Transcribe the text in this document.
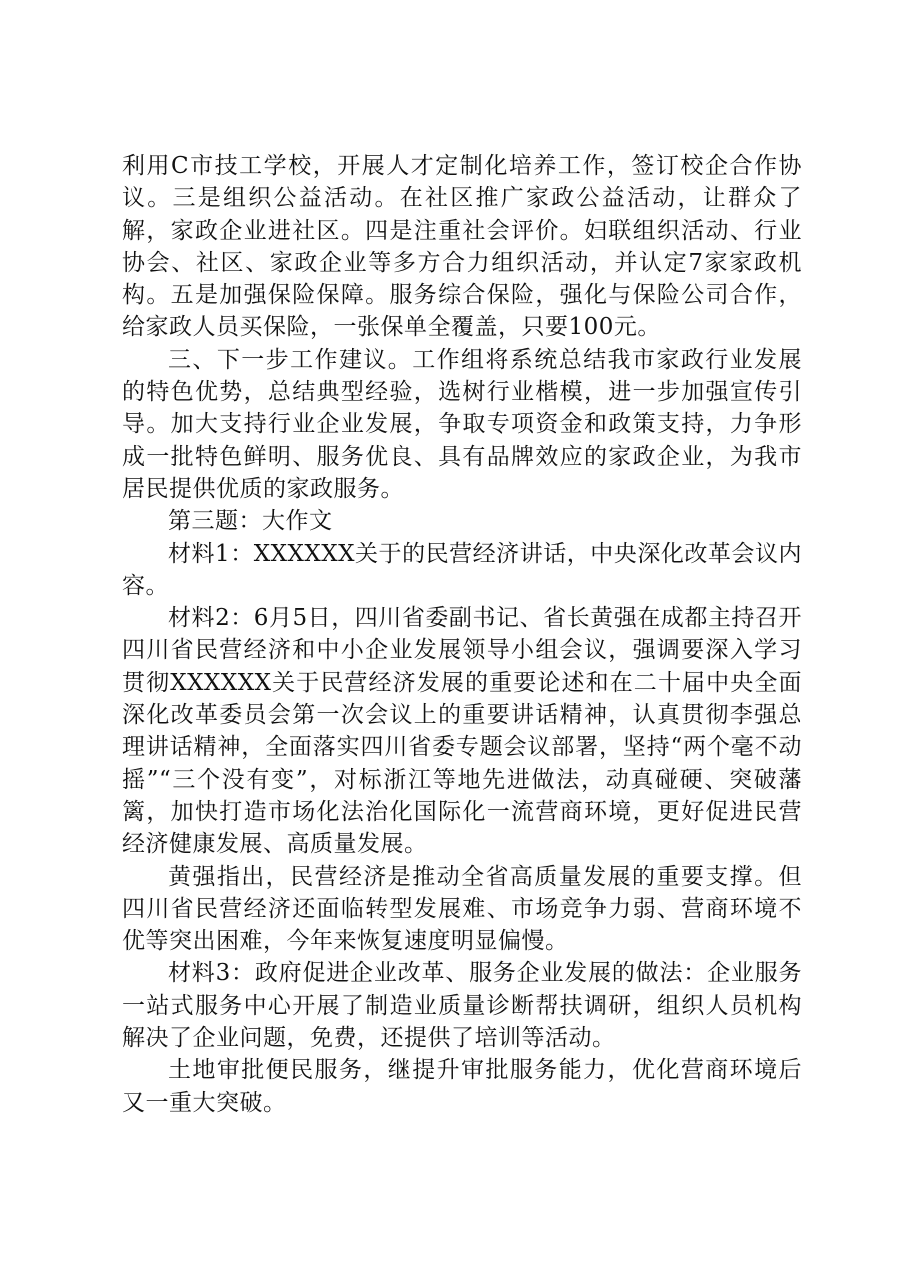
利用C市技工学校，开展人才定制化培养工作，签订校企合作协议。三是组织公益活动。在社区推广家政公益活动，让群众了解，家政企业进社区。四是注重社会评价。妇联组织活动、行业协会、社区、家政企业等多方合力组织活动，并认定7家家政机构。五是加强保险保障。服务综合保险，强化与保险公司合作，给家政人员买保险，一张保单全覆盖，只要100元。

三、下一步工作建议。工作组将系统总结我市家政行业发展的特色优势，总结典型经验，选树行业楷模，进一步加强宣传引导。加大支持行业企业发展，争取专项资金和政策支持，力争形成一批特色鲜明、服务优良、具有品牌效应的家政企业，为我市居民提供优质的家政服务。

第三题：大作文

材料1：XXXXXX关于的民营经济讲话，中央深化改革会议内容。

材料2：6月5日，四川省委副书记、省长黄强在成都主持召开四川省民营经济和中小企业发展领导小组会议，强调要深入学习贯彻XXXXXX关于民营经济发展的重要论述和在二十届中央全面深化改革委员会第一次会议上的重要讲话精神，认真贯彻李强总理讲话精神，全面落实四川省委专题会议部署，坚持“两个毫不动摇”“三个没有变”，对标浙江等地先进做法，动真碰硬、突破藩篱，加快打造市场化法治化国际化一流营商环境，更好促进民营经济健康发展、高质量发展。

黄强指出，民营经济是推动全省高质量发展的重要支撑。但四川省民营经济还面临转型发展难、市场竞争力弱、营商环境不优等突出困难，今年来恢复速度明显偏慢。

材料3：政府促进企业改革、服务企业发展的做法：企业服务一站式服务中心开展了制造业质量诊断帮扶调研，组织人员机构解决了企业问题，免费，还提供了培训等活动。

土地审批便民服务，继提升审批服务能力，优化营商环境后又一重大突破。
